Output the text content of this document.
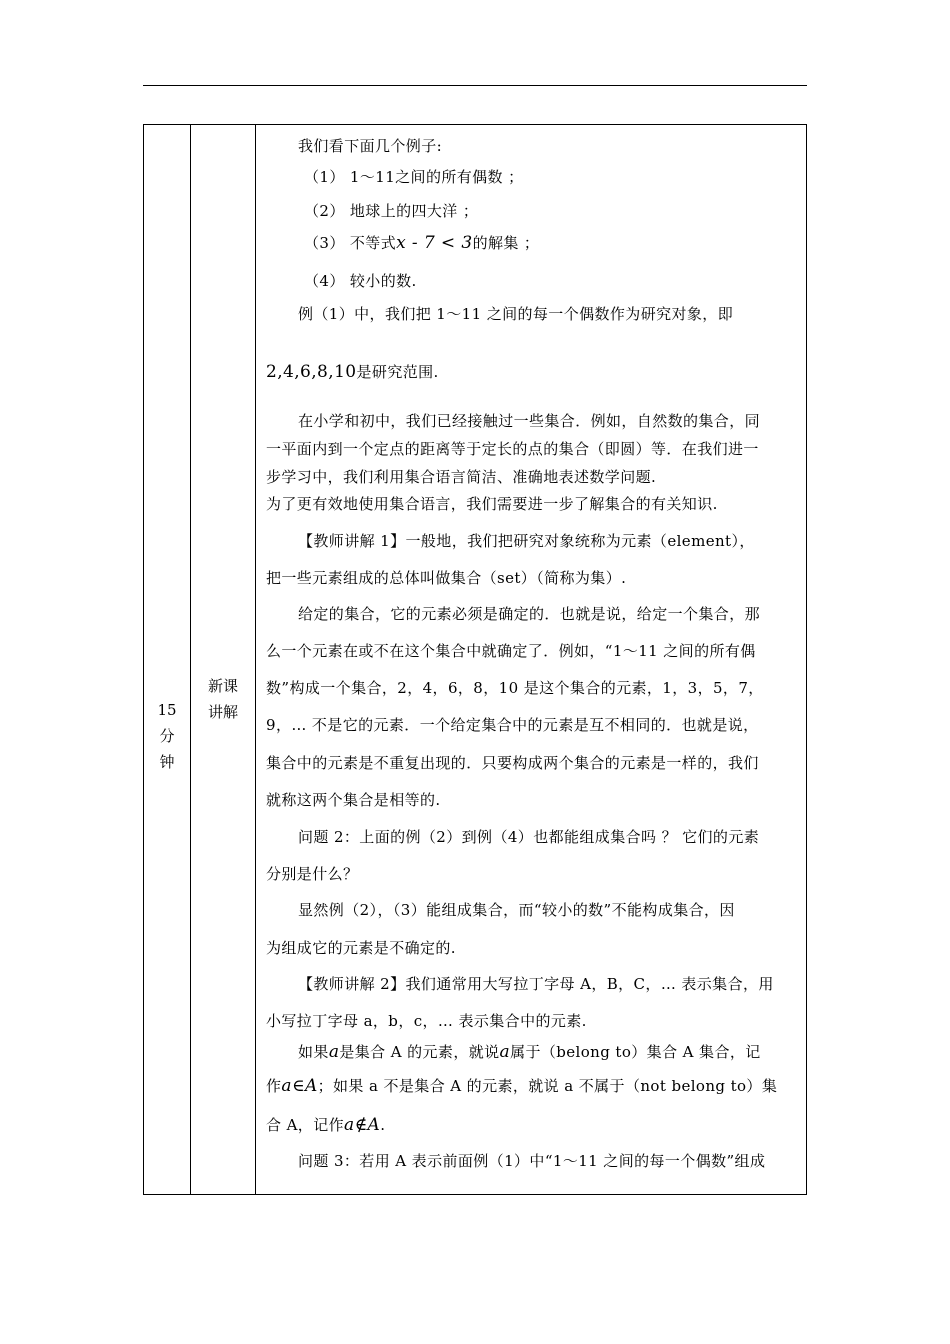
15
分
钟
新课
讲解
我们看下面几个例子:
（1） 1～11之间的所有偶数 ；
（2） 地球上的四大洋 ；
（3） 不等式x - 7 < 3的解集 ；
（4） 较小的数.
例（1）中，我们把 1～11 之间的每一个偶数作为研究对象，即
2,4,6,8,10是研究范围.
在小学和初中，我们已经接触过一些集合．例如，自然数的集合，同
一平面内到一个定点的距离等于定长的点的集合（即圆）等．在我们进一
步学习中，我们利用集合语言简洁、准确地表述数学问题.
为了更有效地使用集合语言，我们需要进一步了解集合的有关知识.
【教师讲解 1】一般地，我们把研究对象统称为元素（element），
把一些元素组成的总体叫做集合（set）（简称为集）.
给定的集合，它的元素必须是确定的．也就是说，给定一个集合，那
么一个元素在或不在这个集合中就确定了．例如，“1～11 之间的所有偶
数”构成一个集合，2，4，6，8，10 是这个集合的元素，1，3，5，7，
9，… 不是它的元素．一个给定集合中的元素是互不相同的．也就是说，
集合中的元素是不重复出现的．只要构成两个集合的元素是一样的，我们
就称这两个集合是相等的.
问题 2：上面的例（2）到例（4）也都能组成集合吗 ？ 它们的元素
分别是什么？
显然例（2），（3）能组成集合，而“较小的数”不能构成集合，因
为组成它的元素是不确定的.
【教师讲解 2】我们通常用大写拉丁字母 A，B，C，… 表示集合，用
小写拉丁字母 a，b，c，… 表示集合中的元素.
如果a是集合 A 的元素，就说a属于（belong to）集合 A 集合，记
作a∈A；如果 a 不是集合 A 的元素，就说 a 不属于（not belong to）集
合 A，记作a∉A.
问题 3：若用 A 表示前面例（1）中“1～11 之间的每一个偶数”组成
